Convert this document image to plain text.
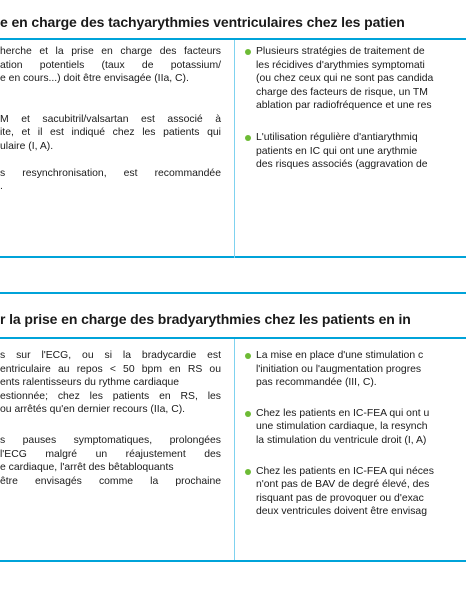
e en charge des tachyarythmies ventriculaires chez les patien
herche et la prise en charge des facteurs
ation potentiels (taux de potassium/
e en cours...) doit être envisagée (IIa, C).
M et sacubitril/valsartan est associé à
ite, et il est indiqué chez les patients qui
ulaire (I, A).
s resynchronisation, est recommandée
.
Plusieurs stratégies de traitement de
les récidives d'arythmies symptomati
(ou chez ceux qui ne sont pas candida
charge des facteurs de risque, un TM
ablation par radiofréquence et une res
L'utilisation régulière d'antiarythmiq
patients en IC qui ont une arythmie
des risques associés (aggravation de
r la prise en charge des bradyarythmies chez les patients en in
s sur l'ECG, ou si la bradycardie est
entriculaire au repos < 50 bpm en RS ou
ents ralentisseurs du rythme cardiaque
estionnée; chez les patients en RS, les
ou arrêtés qu'en dernier recours (IIa, C).
s pauses symptomatiques, prolongées
l'ECG malgré un réajustement des
e cardiaque, l'arrêt des bêtabloquants
être envisagés comme la prochaine
La mise en place d'une stimulation c
l'initiation ou l'augmentation progres
pas recommandée (III, C).
Chez les patients en IC-FEA qui ont u
une stimulation cardiaque, la resynch
la stimulation du ventricule droit (I, A)
Chez les patients en IC-FEA qui néces
n'ont pas de BAV de degré élevé, des
risquant pas de provoquer ou d'exac
deux ventricules doivent être envisag
